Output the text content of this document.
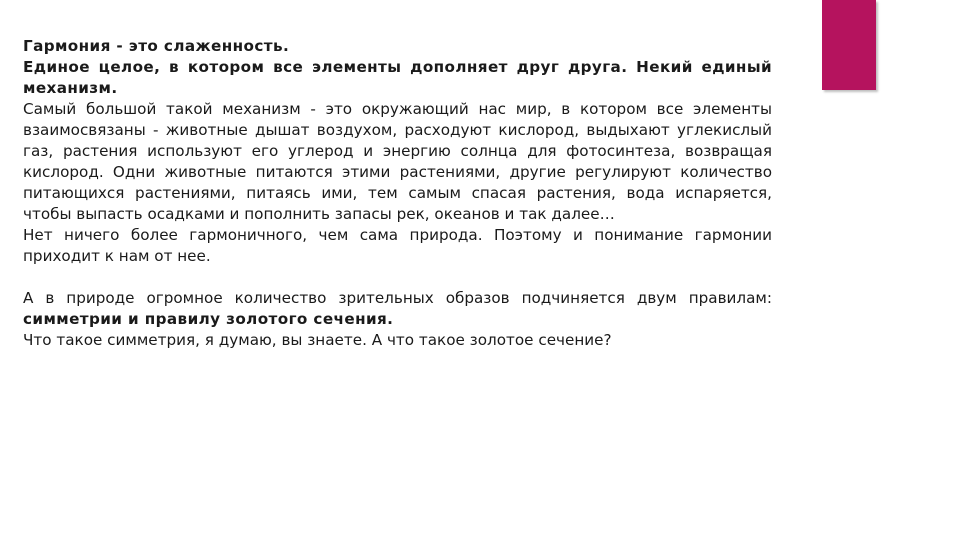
Гармония - это слаженность.

Единое целое, в котором все элементы дополняет друг друга. Некий единый механизм.

Самый большой такой механизм - это окружающий нас мир, в котором все элементы взаимосвязаны - животные дышат воздухом, расходуют кислород, выдыхают углекислый газ, растения используют его углерод и энергию солнца для фотосинтеза, возвращая кислород. Одни животные питаются этими растениями, другие регулируют количество питающихся растениями, питаясь ими, тем самым спасая растения, вода испаряется, чтобы выпасть осадками и пополнить запасы рек, океанов и так далее…

Нет ничего более гармоничного, чем сама природа. Поэтому и понимание гармонии приходит к нам от нее.

А в природе огромное количество зрительных образов подчиняется двум правилам: симметрии и правилу золотого сечения.

Что такое симметрия, я думаю, вы знаете. А что такое золотое сечение?
